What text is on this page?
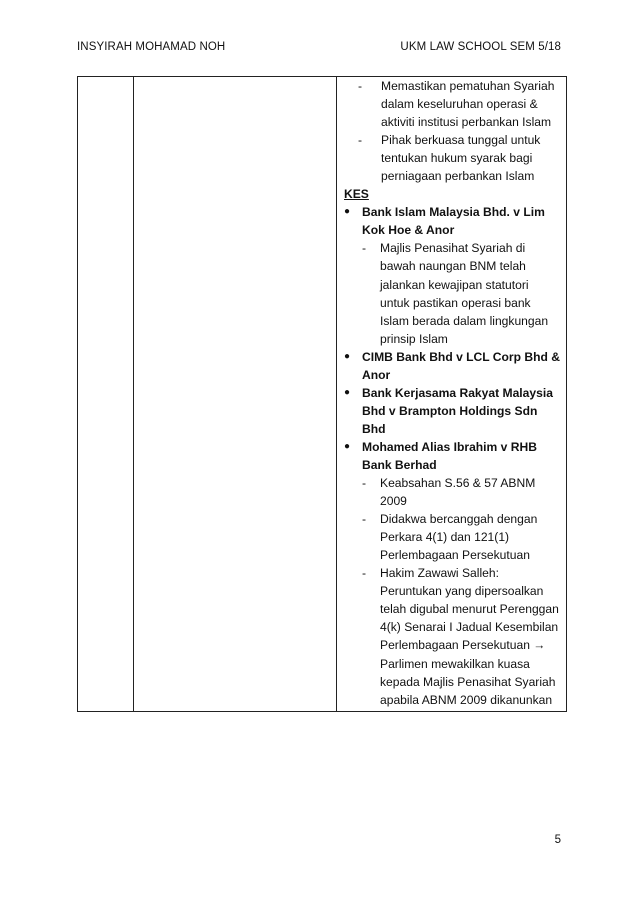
INSYIRAH MOHAMAD NOH	UKM LAW SCHOOL SEM 5/18

-	Memastikan pematuhan Syariah dalam keseluruhan operasi & aktiviti institusi perbankan Islam
-	Pihak berkuasa tunggal untuk tentukan hukum syarak bagi perniagaan perbankan Islam
KES
● Bank Islam Malaysia Bhd. v Lim Kok Hoe & Anor
-	Majlis Penasihat Syariah di bawah naungan BNM telah jalankan kewajipan statutori untuk pastikan operasi bank Islam berada dalam lingkungan prinsip Islam
● CIMB Bank Bhd v LCL Corp Bhd & Anor
● Bank Kerjasama Rakyat Malaysia Bhd v Brampton Holdings Sdn Bhd
● Mohamed Alias Ibrahim v RHB Bank Berhad
-	Keabsahan S.56 & 57 ABNM 2009
-	Didakwa bercanggah dengan Perkara 4(1) dan 121(1) Perlembagaan Persekutuan
-	Hakim Zawawi Salleh: Peruntukan yang dipersoalkan telah digubal menurut Perenggan 4(k) Senarai I Jadual Kesembilan Perlembagaan Persekutuan → Parlimen mewakilkan kuasa kepada Majlis Penasihat Syariah apabila ABNM 2009 dikanunkan
5
